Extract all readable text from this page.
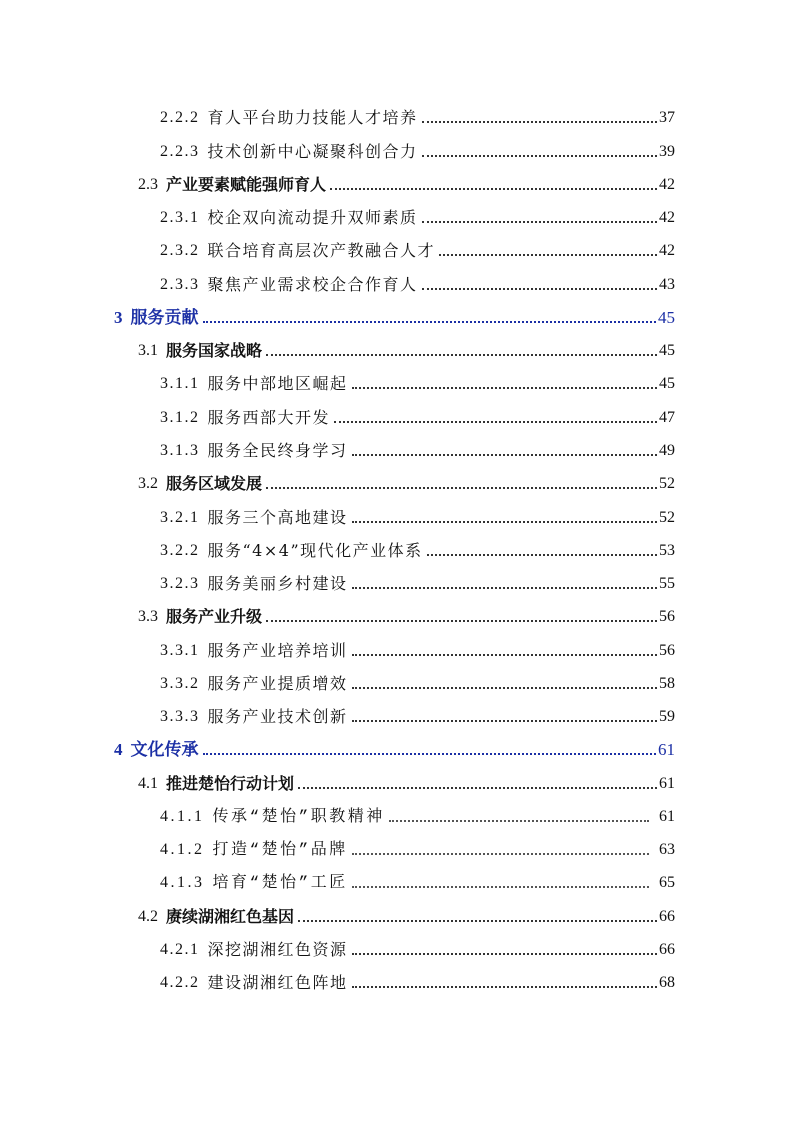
2.2.2 育人平台助力技能人才培养	37
2.2.3 技术创新中心凝聚科创合力	39
2.3 产业要素赋能强师育人	42
2.3.1 校企双向流动提升双师素质	42
2.3.2 联合培育高层次产教融合人才	42
2.3.3 聚焦产业需求校企合作育人	43
3 服务贡献	45
3.1 服务国家战略	45
3.1.1 服务中部地区崛起	45
3.1.2 服务西部大开发	47
3.1.3 服务全民终身学习	49
3.2 服务区域发展	52
3.2.1 服务三个高地建设	52
3.2.2 服务“4×4”现代化产业体系	53
3.2.3 服务美丽乡村建设	55
3.3 服务产业升级	56
3.3.1 服务产业培养培训	56
3.3.2 服务产业提质增效	58
3.3.3 服务产业技术创新	59
4 文化传承	61
4.1 推进楚怡行动计划	61
4.1.1 传承“楚怡”职教精神	61
4.1.2 打造“楚怡”品牌	63
4.1.3 培育“楚怡”工匠	65
4.2 赓续湖湘红色基因	66
4.2.1 深挖湖湘红色资源	66
4.2.2 建设湖湘红色阵地	68
